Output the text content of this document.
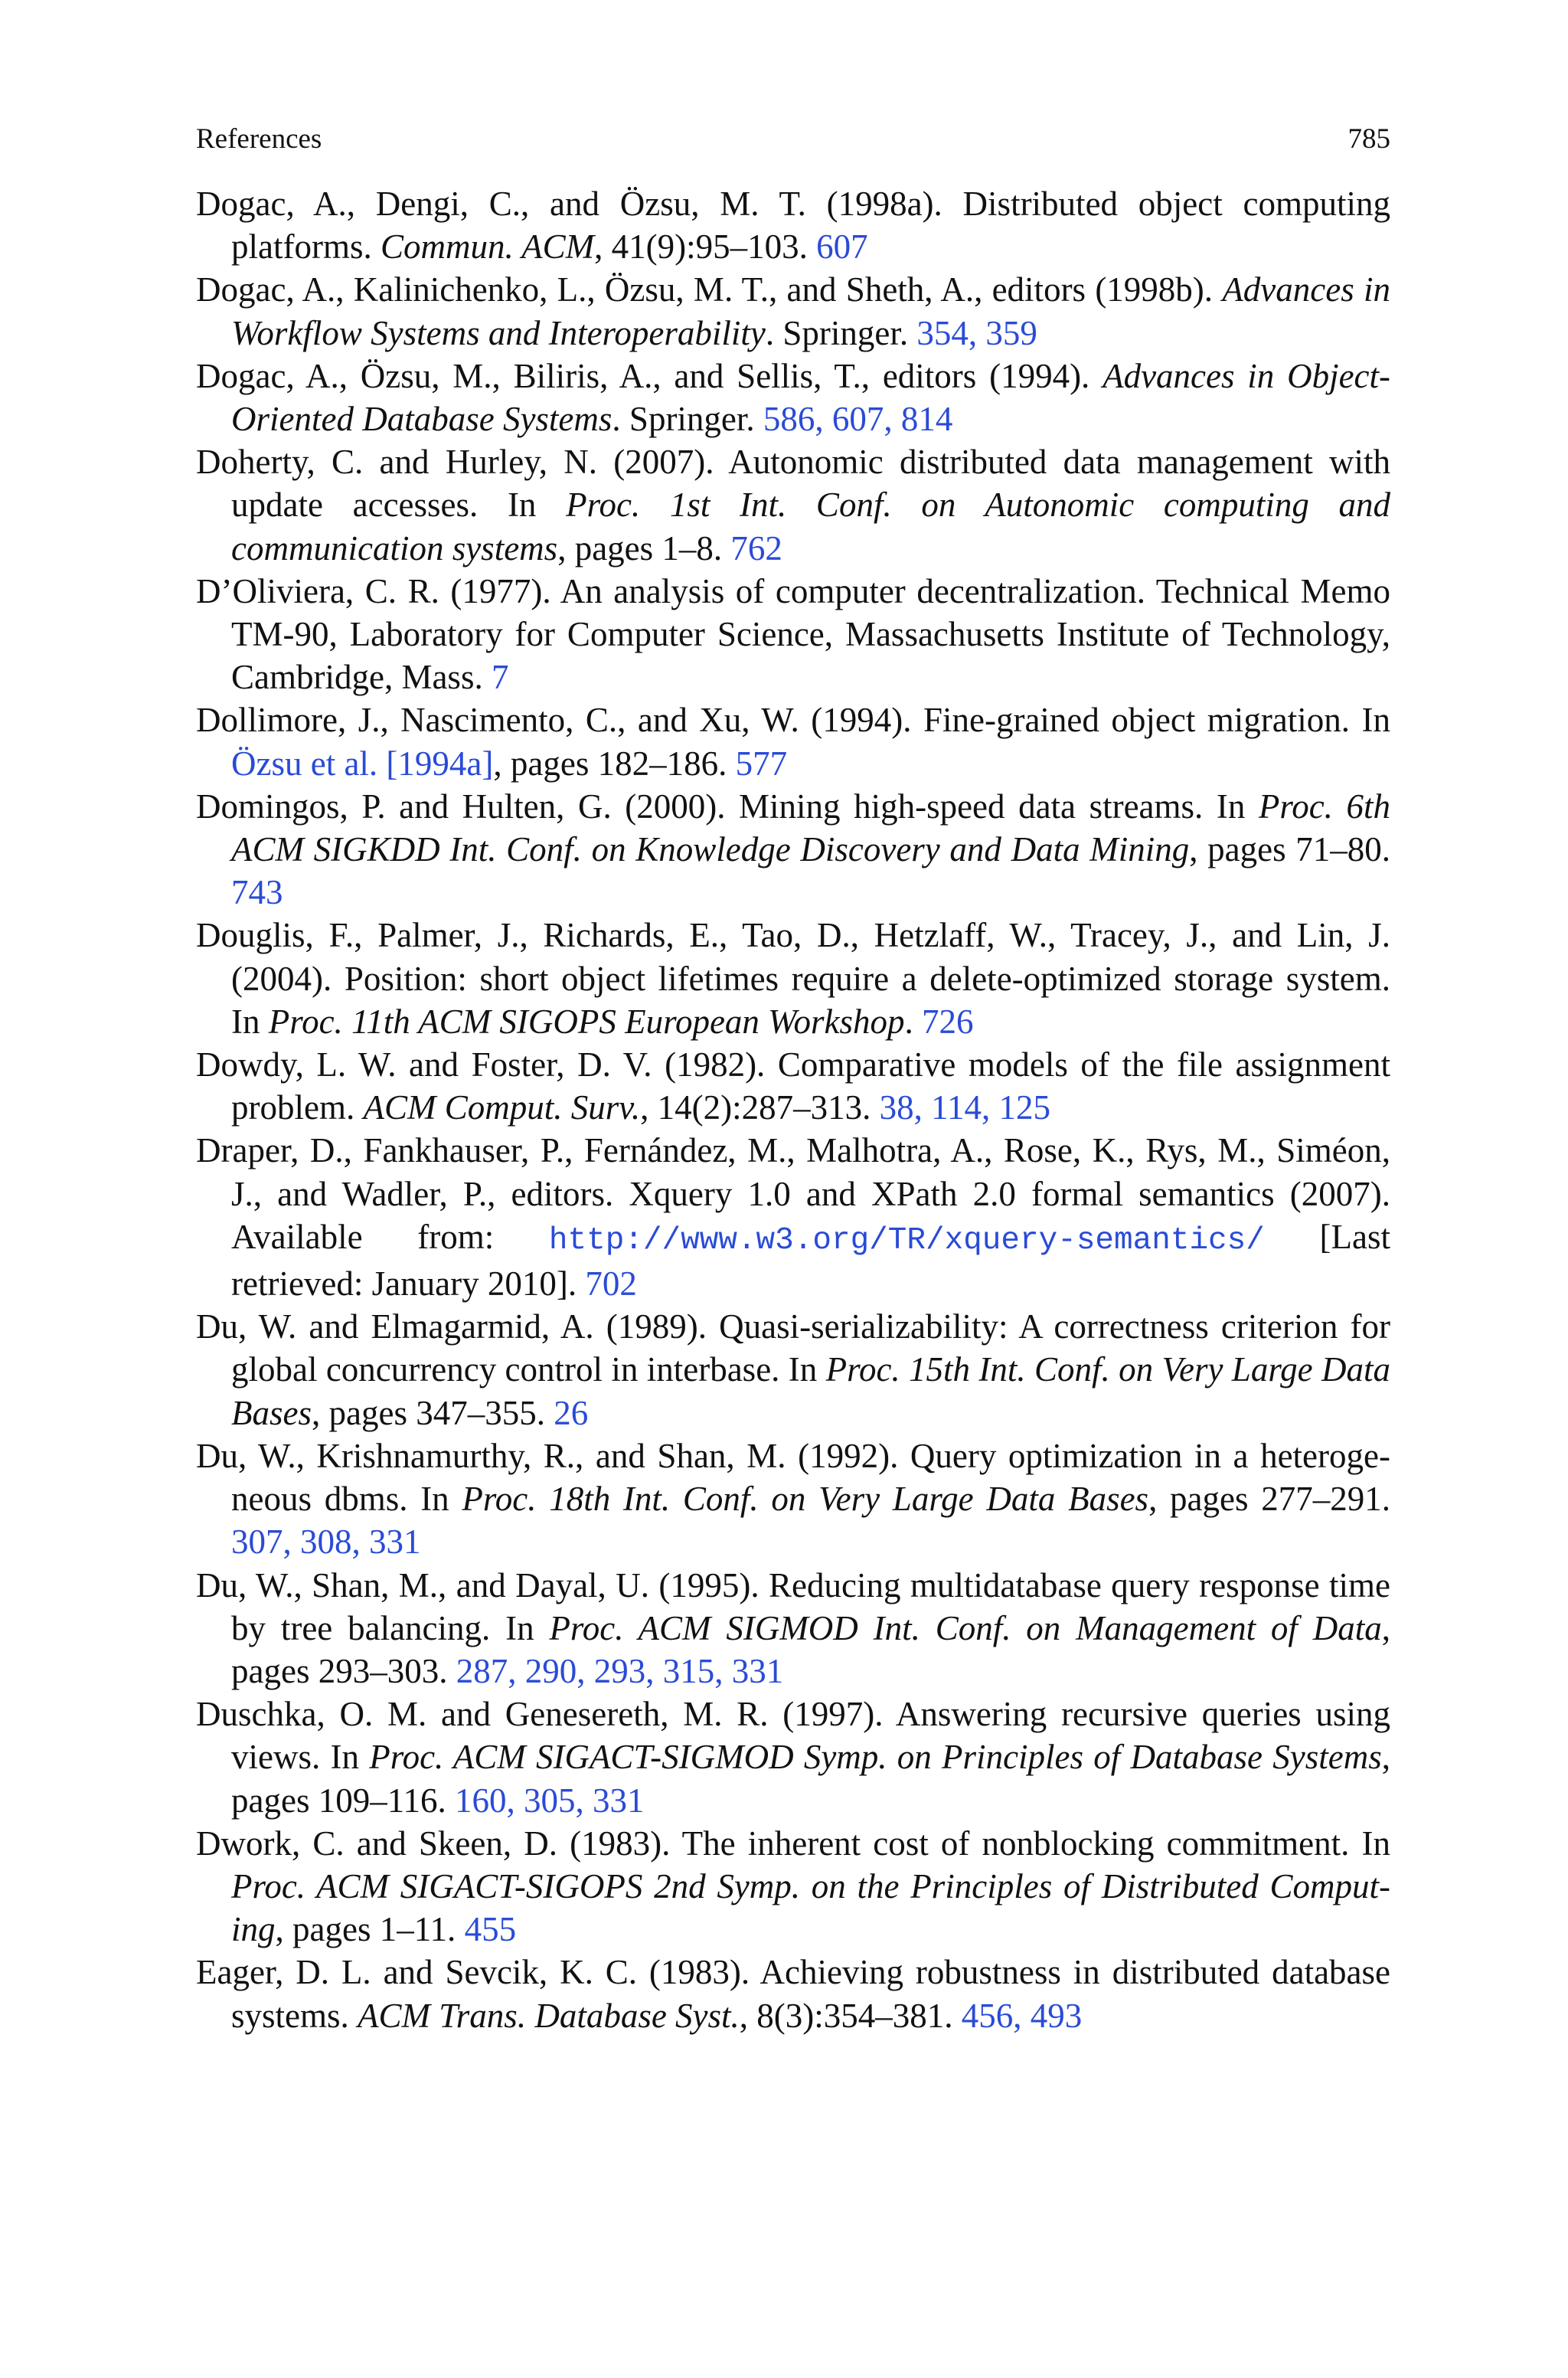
References	785
Dogac, A., Dengi, C., and Özsu, M. T. (1998a). Distributed object computing platforms. Commun. ACM, 41(9):95–103. 607
Dogac, A., Kalinichenko, L., Özsu, M. T., and Sheth, A., editors (1998b). Advances in Workflow Systems and Interoperability. Springer. 354, 359
Dogac, A., Özsu, M., Biliris, A., and Sellis, T., editors (1994). Advances in Object-Oriented Database Systems. Springer. 586, 607, 814
Doherty, C. and Hurley, N. (2007). Autonomic distributed data management with update accesses. In Proc. 1st Int. Conf. on Autonomic computing and communication systems, pages 1–8. 762
D’Oliviera, C. R. (1977). An analysis of computer decentralization. Technical Memo TM-90, Laboratory for Computer Science, Massachusetts Institute of Technology, Cambridge, Mass. 7
Dollimore, J., Nascimento, C., and Xu, W. (1994). Fine-grained object migration. In Özsu et al. [1994a], pages 182–186. 577
Domingos, P. and Hulten, G. (2000). Mining high-speed data streams. In Proc. 6th ACM SIGKDD Int. Conf. on Knowledge Discovery and Data Mining, pages 71–80. 743
Douglis, F., Palmer, J., Richards, E., Tao, D., Hetzlaff, W., Tracey, J., and Lin, J. (2004). Position: short object lifetimes require a delete-optimized storage system. In Proc. 11th ACM SIGOPS European Workshop. 726
Dowdy, L. W. and Foster, D. V. (1982). Comparative models of the file assignment problem. ACM Comput. Surv., 14(2):287–313. 38, 114, 125
Draper, D., Fankhauser, P., Fernández, M., Malhotra, A., Rose, K., Rys, M., Siméon, J., and Wadler, P., editors. Xquery 1.0 and XPath 2.0 formal semantics (2007). Available from: http://www.w3.org/TR/xquery-semantics/ [Last retrieved: January 2010]. 702
Du, W. and Elmagarmid, A. (1989). Quasi-serializability: A correctness criterion for global concurrency control in interbase. In Proc. 15th Int. Conf. on Very Large Data Bases, pages 347–355. 26
Du, W., Krishnamurthy, R., and Shan, M. (1992). Query optimization in a heterogeneous dbms. In Proc. 18th Int. Conf. on Very Large Data Bases, pages 277–291. 307, 308, 331
Du, W., Shan, M., and Dayal, U. (1995). Reducing multidatabase query response time by tree balancing. In Proc. ACM SIGMOD Int. Conf. on Management of Data, pages 293–303. 287, 290, 293, 315, 331
Duschka, O. M. and Genesereth, M. R. (1997). Answering recursive queries using views. In Proc. ACM SIGACT-SIGMOD Symp. on Principles of Database Systems, pages 109–116. 160, 305, 331
Dwork, C. and Skeen, D. (1983). The inherent cost of nonblocking commitment. In Proc. ACM SIGACT-SIGOPS 2nd Symp. on the Principles of Distributed Computing, pages 1–11. 455
Eager, D. L. and Sevcik, K. C. (1983). Achieving robustness in distributed database systems. ACM Trans. Database Syst., 8(3):354–381. 456, 493
